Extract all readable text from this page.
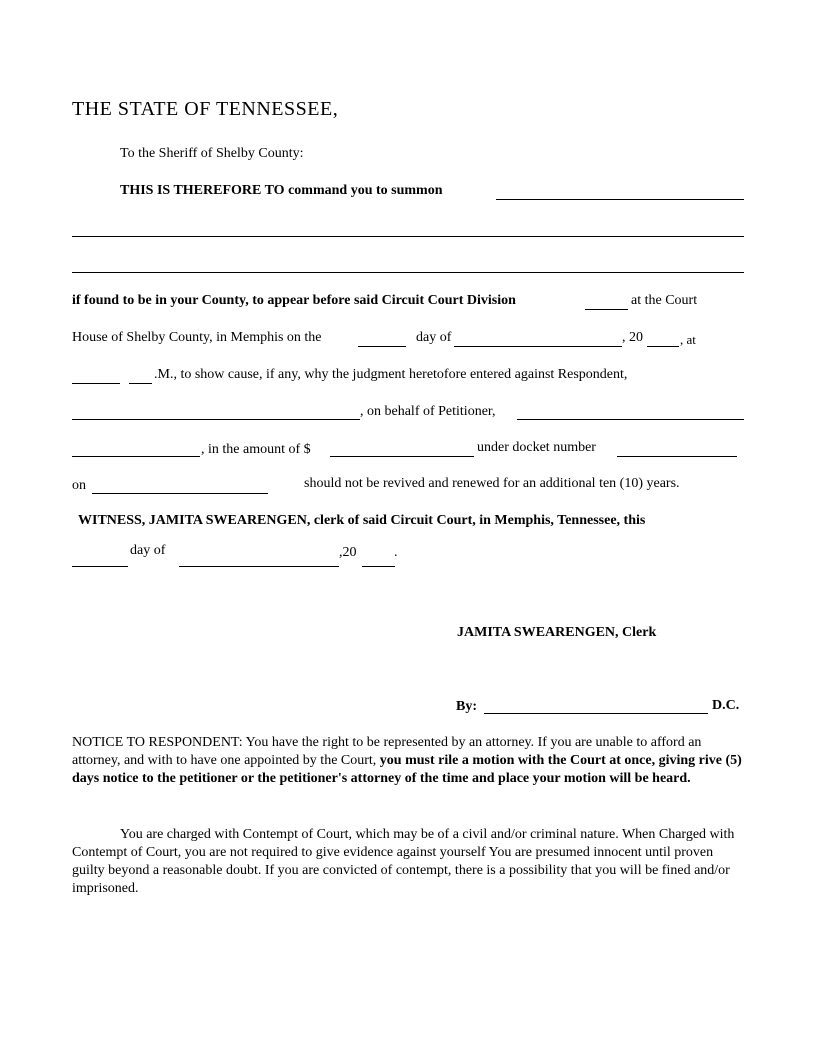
THE STATE OF TENNESSEE,
To the Sheriff of Shelby County:
THIS IS THEREFORE TO command you to summon
if found to be in your County, to appear before said Circuit Court Division	at the Court
House of Shelby County, in Memphis on the	day of	, 20	, at
.M., to show cause, if any, why the judgment heretofore entered against Respondent,
, on behalf of Petitioner,
, in the amount of $	under docket number
on	should not be revived and renewed for an additional ten (10) years.
WITNESS, JAMITA SWEARENGEN, clerk of said Circuit Court, in Memphis, Tennessee, this
day of	,20	.
JAMITA SWEARENGEN, Clerk
By:	D.C.
NOTICE TO RESPONDENT: You have the right to be represented by an attorney. If you are unable to afford an attorney, and with to have one appointed by the Court, you must rile a motion with the Court at once, giving rive (5) days notice to the petitioner or the petitioner's attorney of the time and place your motion will be heard.
You are charged with Contempt of Court, which may be of a civil and/or criminal nature. When Charged with Contempt of Court, you are not required to give evidence against yourself You are presumed innocent until proven guilty beyond a reasonable doubt. If you are convicted of contempt, there is a possibility that you will be fined and/or imprisoned.
